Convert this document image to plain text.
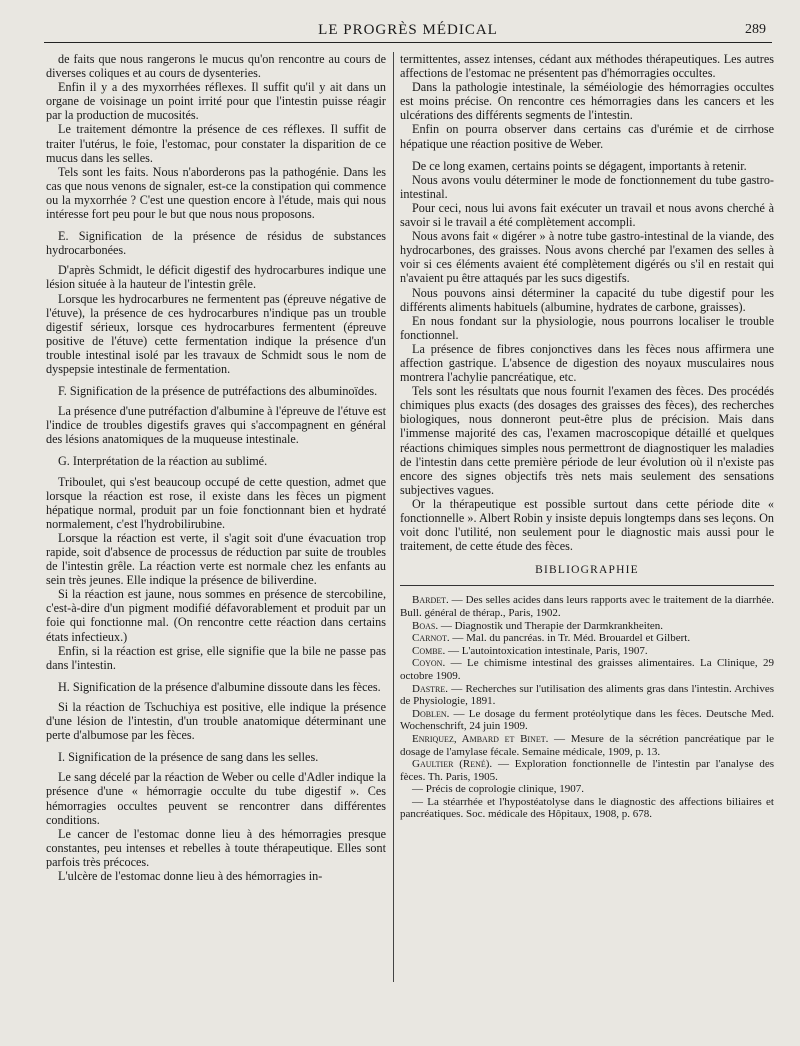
LE PROGRÈS MÉDICAL	289

de faits que nous rangerons le mucus qu'on rencontre au cours de diverses coliques et au cours de dysenteries.

Enfin il y a des myxorrhées réflexes. Il suffit qu'il y ait dans un organe de voisinage un point irrité pour que l'intestin puisse réagir par la production de mucosités.

Le traitement démontre la présence de ces réflexes. Il suffit de traiter l'utérus, le foie, l'estomac, pour constater la disparition de ce mucus dans les selles.

Tels sont les faits. Nous n'aborderons pas la pathogénie. Dans les cas que nous venons de signaler, est-ce la constipation qui commence ou la myxorrhée ? C'est une question encore à l'étude, mais qui nous intéresse fort peu pour le but que nous nous proposons.

E. Signification de la présence de résidus de substances hydrocarbonées.

D'après Schmidt, le déficit digestif des hydrocarbures indique une lésion située à la hauteur de l'intestin grêle.

Lorsque les hydrocarbures ne fermentent pas (épreuve négative de l'étuve), la présence de ces hydrocarbures n'indique pas un trouble digestif sérieux, lorsque ces hydrocarbures fermentent (épreuve positive de l'étuve) cette fermentation indique la présence d'un trouble intestinal isolé par les travaux de Schmidt sous le nom de dyspepsie intestinale de fermentation.

F. Signification de la présence de putréfactions des albuminoïdes.

La présence d'une putréfaction d'albumine à l'épreuve de l'étuve est l'indice de troubles digestifs graves qui s'accompagnent en général des lésions anatomiques de la muqueuse intestinale.

G. Interprétation de la réaction au sublimé.

Triboulet, qui s'est beaucoup occupé de cette question, admet que lorsque la réaction est rose, il existe dans les fèces un pigment hépatique normal, produit par un foie fonctionnant bien et hydraté normalement, c'est l'hydrobilirubine.

Lorsque la réaction est verte, il s'agit soit d'une évacuation trop rapide, soit d'absence de processus de réduction par suite de troubles de l'intestin grêle. La réaction verte est normale chez les enfants au sein très jeunes. Elle indique la présence de biliverdine.

Si la réaction est jaune, nous sommes en présence de stercobiline, c'est-à-dire d'un pigment modifié défavorablement et produit par un foie qui fonctionne mal. (On rencontre cette réaction dans certains états infectieux.)

Enfin, si la réaction est grise, elle signifie que la bile ne passe pas dans l'intestin.

H. Signification de la présence d'albumine dissoute dans les fèces.

Si la réaction de Tschuchiya est positive, elle indique la présence d'une lésion de l'intestin, d'un trouble anatomique déterminant une perte d'albumose par les fèces.

I. Signification de la présence de sang dans les selles.

Le sang décelé par la réaction de Weber ou celle d'Adler indique la présence d'une « hémorragie occulte du tube digestif ». Ces hémorragies occultes peuvent se rencontrer dans différentes conditions.

Le cancer de l'estomac donne lieu à des hémorragies presque constantes, peu intenses et rebelles à toute thérapeutique. Elles sont parfois très précoces.

L'ulcère de l'estomac donne lieu à des hémorragies in-

termittentes, assez intenses, cédant aux méthodes thérapeutiques. Les autres affections de l'estomac ne présentent pas d'hémorragies occultes.

Dans la pathologie intestinale, la séméiologie des hémorragies occultes est moins précise. On rencontre ces hémorragies dans les cancers et les ulcérations des différents segments de l'intestin.

Enfin on pourra observer dans certains cas d'urémie et de cirrhose hépatique une réaction positive de Weber.

De ce long examen, certains points se dégagent, importants à retenir.

Nous avons voulu déterminer le mode de fonctionnement du tube gastro-intestinal.

Pour ceci, nous lui avons fait exécuter un travail et nous avons cherché à savoir si le travail a été complètement accompli.

Nous avons fait « digérer » à notre tube gastro-intestinal de la viande, des hydrocarbones, des graisses. Nous avons cherché par l'examen des selles à voir si ces éléments avaient été complètement digérés ou s'il en restait qui n'avaient pu être attaqués par les sucs digestifs.

Nous pouvons ainsi déterminer la capacité du tube digestif pour les différents aliments habituels (albumine, hydrates de carbone, graisses).

En nous fondant sur la physiologie, nous pourrons localiser le trouble fonctionnel.

La présence de fibres conjonctives dans les fèces nous affirmera une affection gastrique. L'absence de digestion des noyaux musculaires nous montrera l'achylie pancréatique, etc.

Tels sont les résultats que nous fournit l'examen des fèces. Des procédés chimiques plus exacts (des dosages des graisses des fèces), des recherches biologiques, nous donneront peut-être plus de précision. Mais dans l'immense majorité des cas, l'examen macroscopique détaillé et quelques réactions chimiques simples nous permettront de diagnostiquer les maladies de l'intestin dans cette première période de leur évolution où il n'existe pas encore des signes objectifs très nets mais seulement des sensations subjectives vagues.

Or la thérapeutique est possible surtout dans cette période dite « fonctionnelle ». Albert Robin y insiste depuis longtemps dans ses leçons. On voit donc l'utilité, non seulement pour le diagnostic mais aussi pour le traitement, de cette étude des fèces.

BIBLIOGRAPHIE

Bardet. — Des selles acides dans leurs rapports avec le traitement de la diarrhée. Bull. général de thérap., Paris, 1902.

Boas. — Diagnostik und Therapie der Darmkrankheiten.

Carnot. — Mal. du pancréas. in Tr. Méd. Brouardel et Gilbert.

Combe. — L'autointoxication intestinale, Paris, 1907.

Coyon. — Le chimisme intestinal des graisses alimentaires. La Clinique, 29 octobre 1909.

Dastre. — Recherches sur l'utilisation des aliments gras dans l'intestin. Archives de Physiologie, 1891.

Doblen. — Le dosage du ferment protéolytique dans les fèces. Deutsche Med. Wochenschrift, 24 juin 1909.

Enriquez, Ambard et Binet. — Mesure de la sécrétion pancréatique par le dosage de l'amylase fécale. Semaine médicale, 1909, p. 13.

Gaultier (René). — Exploration fonctionnelle de l'intestin par l'analyse des fèces. Th. Paris, 1905.

— Précis de coprologie clinique, 1907.

— La stéarrhée et l'hypostéatolyse dans le diagnostic des affections biliaires et pancréatiques. Soc. médicale des Hôpitaux, 1908, p. 678.
